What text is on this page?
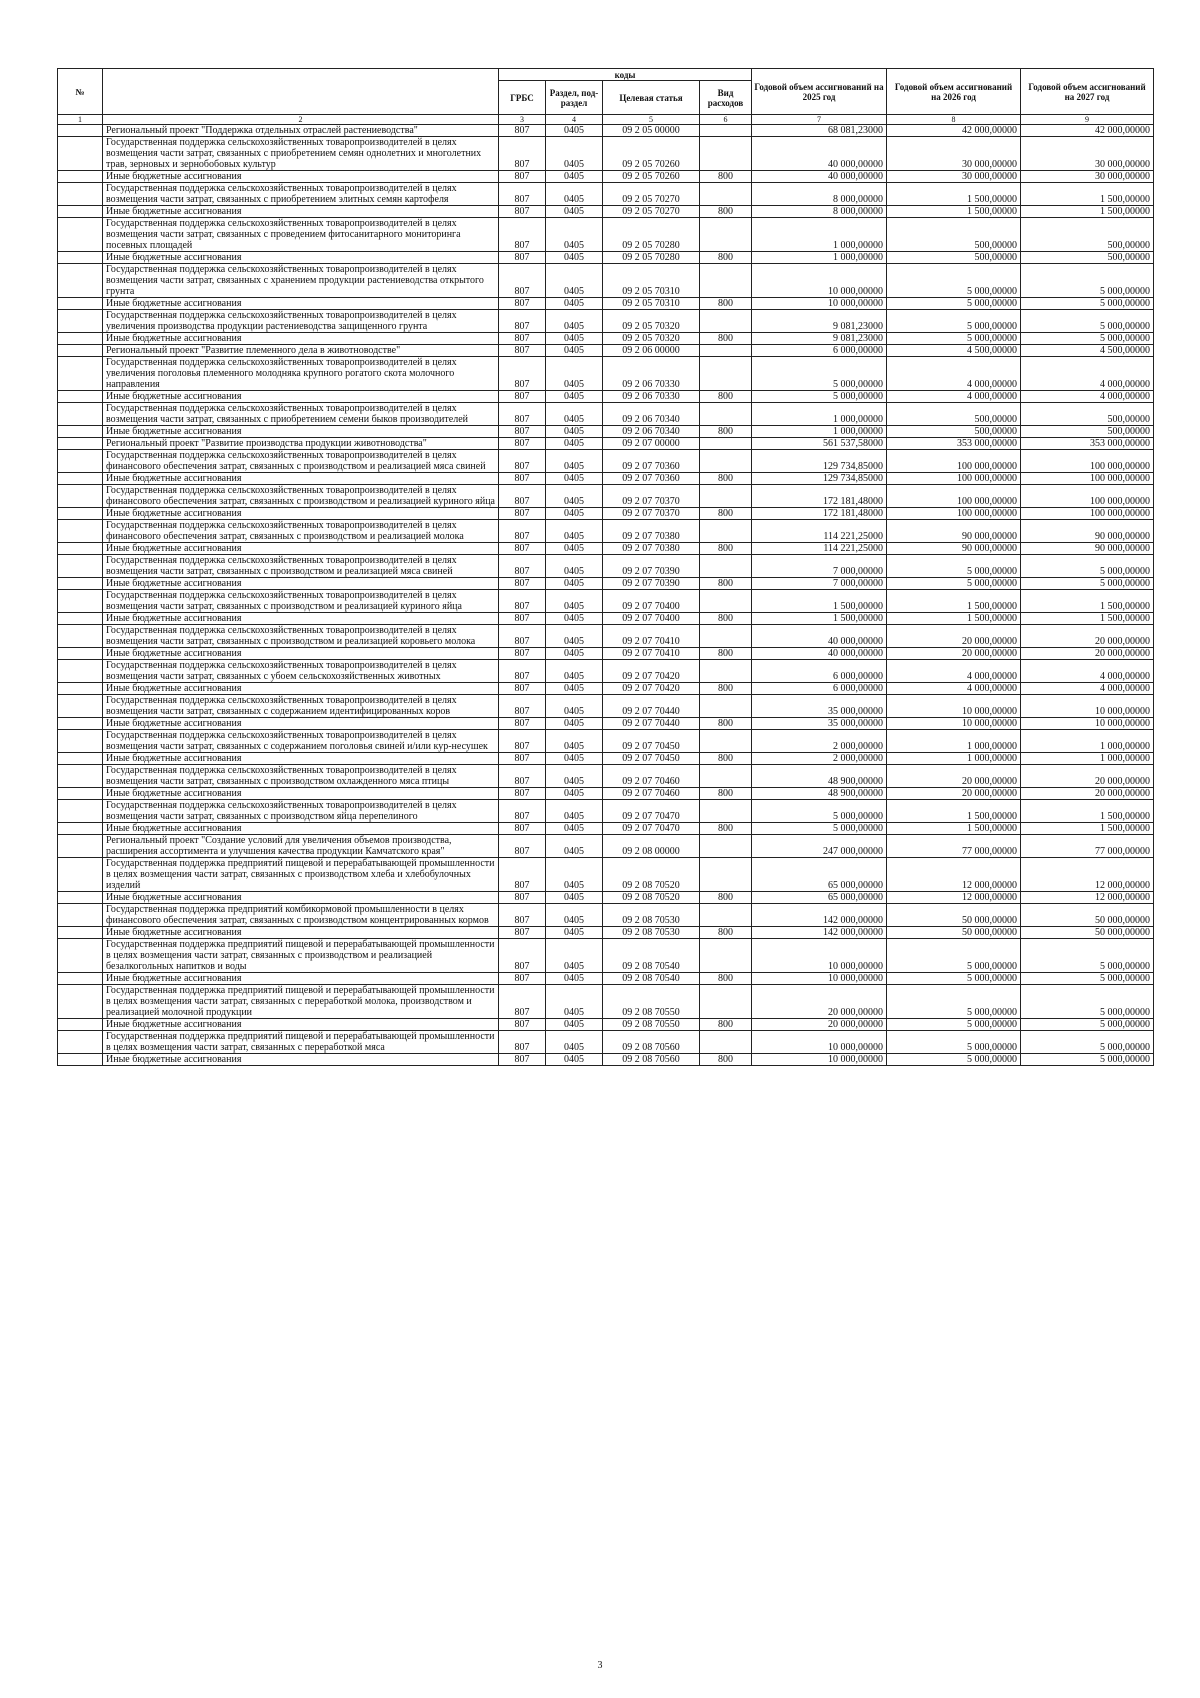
№		коды				Годовой объем ассигнований на 2025 год	Годовой объем ассигнований на 2026 год	Годовой объем ассигнований на 2027 год
		ГРБС	Раздел, под-раздел	Целевая статья	Вид расходов			
1	2	3	4	5	6	7	8	9
	Региональный проект "Поддержка отдельных отраслей растениеводства"	807	0405	09 2 05 00000		68 081,23000	42 000,00000	42 000,00000
	Государственная поддержка сельскохозяйственных товаропроизводителей в целях возмещения части затрат, связанных с приобретением семян однолетних и многолетних трав, зерновых и зернобобовых культур	807	0405	09 2 05 70260		40 000,00000	30 000,00000	30 000,00000
	Иные бюджетные ассигнования	807	0405	09 2 05 70260	800	40 000,00000	30 000,00000	30 000,00000
	Государственная поддержка сельскохозяйственных товаропроизводителей в целях возмещения части затрат, связанных с приобретением элитных семян картофеля	807	0405	09 2 05 70270		8 000,00000	1 500,00000	1 500,00000
	Иные бюджетные ассигнования	807	0405	09 2 05 70270	800	8 000,00000	1 500,00000	1 500,00000
	Государственная поддержка сельскохозяйственных товаропроизводителей в целях возмещения части затрат, связанных с проведением фитосанитарного мониторинга посевных площадей	807	0405	09 2 05 70280		1 000,00000	500,00000	500,00000
	Иные бюджетные ассигнования	807	0405	09 2 05 70280	800	1 000,00000	500,00000	500,00000
	Государственная поддержка сельскохозяйственных товаропроизводителей в целях возмещения части затрат, связанных с хранением продукции растениеводства открытого грунта	807	0405	09 2 05 70310		10 000,00000	5 000,00000	5 000,00000
	Иные бюджетные ассигнования	807	0405	09 2 05 70310	800	10 000,00000	5 000,00000	5 000,00000
	Государственная поддержка сельскохозяйственных товаропроизводителей в целях увеличения производства продукции растениеводства защищенного грунта	807	0405	09 2 05 70320		9 081,23000	5 000,00000	5 000,00000
	Иные бюджетные ассигнования	807	0405	09 2 05 70320	800	9 081,23000	5 000,00000	5 000,00000
	Региональный проект "Развитие племенного дела в животноводстве"	807	0405	09 2 06 00000		6 000,00000	4 500,00000	4 500,00000
	Государственная поддержка сельскохозяйственных товаропроизводителей в целях увеличения поголовья племенного молодняка крупного рогатого скота молочного направления	807	0405	09 2 06 70330		5 000,00000	4 000,00000	4 000,00000
	Иные бюджетные ассигнования	807	0405	09 2 06 70330	800	5 000,00000	4 000,00000	4 000,00000
	Государственная поддержка сельскохозяйственных товаропроизводителей в целях возмещения части затрат, связанных с приобретением семени быков производителей	807	0405	09 2 06 70340		1 000,00000	500,00000	500,00000
	Иные бюджетные ассигнования	807	0405	09 2 06 70340	800	1 000,00000	500,00000	500,00000
	Региональный проект "Развитие производства продукции животноводства"	807	0405	09 2 07 00000		561 537,58000	353 000,00000	353 000,00000
	Государственная поддержка сельскохозяйственных товаропроизводителей в целях финансового обеспечения затрат, связанных с производством и реализацией мяса свиней	807	0405	09 2 07 70360		129 734,85000	100 000,00000	100 000,00000
	Иные бюджетные ассигнования	807	0405	09 2 07 70360	800	129 734,85000	100 000,00000	100 000,00000
	Государственная поддержка сельскохозяйственных товаропроизводителей в целях финансового обеспечения затрат, связанных с производством и реализацией куриного яйца	807	0405	09 2 07 70370		172 181,48000	100 000,00000	100 000,00000
	Иные бюджетные ассигнования	807	0405	09 2 07 70370	800	172 181,48000	100 000,00000	100 000,00000
	Государственная поддержка сельскохозяйственных товаропроизводителей в целях финансового обеспечения затрат, связанных с производством и реализацией молока	807	0405	09 2 07 70380		114 221,25000	90 000,00000	90 000,00000
	Иные бюджетные ассигнования	807	0405	09 2 07 70380	800	114 221,25000	90 000,00000	90 000,00000
	Государственная поддержка сельскохозяйственных товаропроизводителей в целях возмещения части затрат, связанных с производством и реализацией мяса свиней	807	0405	09 2 07 70390		7 000,00000	5 000,00000	5 000,00000
	Иные бюджетные ассигнования	807	0405	09 2 07 70390	800	7 000,00000	5 000,00000	5 000,00000
	Государственная поддержка сельскохозяйственных товаропроизводителей в целях возмещения части затрат, связанных с производством и реализацией куриного яйца	807	0405	09 2 07 70400		1 500,00000	1 500,00000	1 500,00000
	Иные бюджетные ассигнования	807	0405	09 2 07 70400	800	1 500,00000	1 500,00000	1 500,00000
	Государственная поддержка сельскохозяйственных товаропроизводителей в целях возмещения части затрат, связанных с производством и реализацией коровьего молока	807	0405	09 2 07 70410		40 000,00000	20 000,00000	20 000,00000
	Иные бюджетные ассигнования	807	0405	09 2 07 70410	800	40 000,00000	20 000,00000	20 000,00000
	Государственная поддержка сельскохозяйственных товаропроизводителей в целях возмещения части затрат, связанных с убоем сельскохозяйственных животных	807	0405	09 2 07 70420		6 000,00000	4 000,00000	4 000,00000
	Иные бюджетные ассигнования	807	0405	09 2 07 70420	800	6 000,00000	4 000,00000	4 000,00000
	Государственная поддержка сельскохозяйственных товаропроизводителей в целях возмещения части затрат, связанных с содержанием идентифицированных коров	807	0405	09 2 07 70440		35 000,00000	10 000,00000	10 000,00000
	Иные бюджетные ассигнования	807	0405	09 2 07 70440	800	35 000,00000	10 000,00000	10 000,00000
	Государственная поддержка сельскохозяйственных товаропроизводителей в целях возмещения части затрат, связанных с содержанием поголовья свиней и/или кур-несушек	807	0405	09 2 07 70450		2 000,00000	1 000,00000	1 000,00000
	Иные бюджетные ассигнования	807	0405	09 2 07 70450	800	2 000,00000	1 000,00000	1 000,00000
	Государственная поддержка сельскохозяйственных товаропроизводителей в целях возмещения части затрат, связанных с производством охлажденного мяса птицы	807	0405	09 2 07 70460		48 900,00000	20 000,00000	20 000,00000
	Иные бюджетные ассигнования	807	0405	09 2 07 70460	800	48 900,00000	20 000,00000	20 000,00000
	Государственная поддержка сельскохозяйственных товаропроизводителей в целях возмещения части затрат, связанных с производством яйца перепелиного	807	0405	09 2 07 70470		5 000,00000	1 500,00000	1 500,00000
	Иные бюджетные ассигнования	807	0405	09 2 07 70470	800	5 000,00000	1 500,00000	1 500,00000
	Региональный проект "Создание условий для увеличения объемов производства, расширения ассортимента и улучшения качества продукции Камчатского края"	807	0405	09 2 08 00000		247 000,00000	77 000,00000	77 000,00000
	Государственная поддержка предприятий пищевой и перерабатывающей промышленности в целях возмещения части затрат, связанных с производством хлеба и хлебобулочных изделий	807	0405	09 2 08 70520		65 000,00000	12 000,00000	12 000,00000
	Иные бюджетные ассигнования	807	0405	09 2 08 70520	800	65 000,00000	12 000,00000	12 000,00000
	Государственная поддержка предприятий комбикормовой промышленности в целях финансового обеспечения затрат, связанных с производством концентрированных кормов	807	0405	09 2 08 70530		142 000,00000	50 000,00000	50 000,00000
	Иные бюджетные ассигнования	807	0405	09 2 08 70530	800	142 000,00000	50 000,00000	50 000,00000
	Государственная поддержка предприятий пищевой и перерабатывающей промышленности в целях возмещения части затрат, связанных с производством и реализацией безалкогольных напитков и воды	807	0405	09 2 08 70540		10 000,00000	5 000,00000	5 000,00000
	Иные бюджетные ассигнования	807	0405	09 2 08 70540	800	10 000,00000	5 000,00000	5 000,00000
	Государственная поддержка предприятий пищевой и перерабатывающей промышленности в целях возмещения части затрат, связанных с переработкой молока, производством и реализацией молочной продукции	807	0405	09 2 08 70550		20 000,00000	5 000,00000	5 000,00000
	Иные бюджетные ассигнования	807	0405	09 2 08 70550	800	20 000,00000	5 000,00000	5 000,00000
	Государственная поддержка предприятий пищевой и перерабатывающей промышленности в целях возмещения части затрат, связанных с переработкой мяса	807	0405	09 2 08 70560		10 000,00000	5 000,00000	5 000,00000
	Иные бюджетные ассигнования	807	0405	09 2 08 70560	800	10 000,00000	5 000,00000	5 000,00000
3
